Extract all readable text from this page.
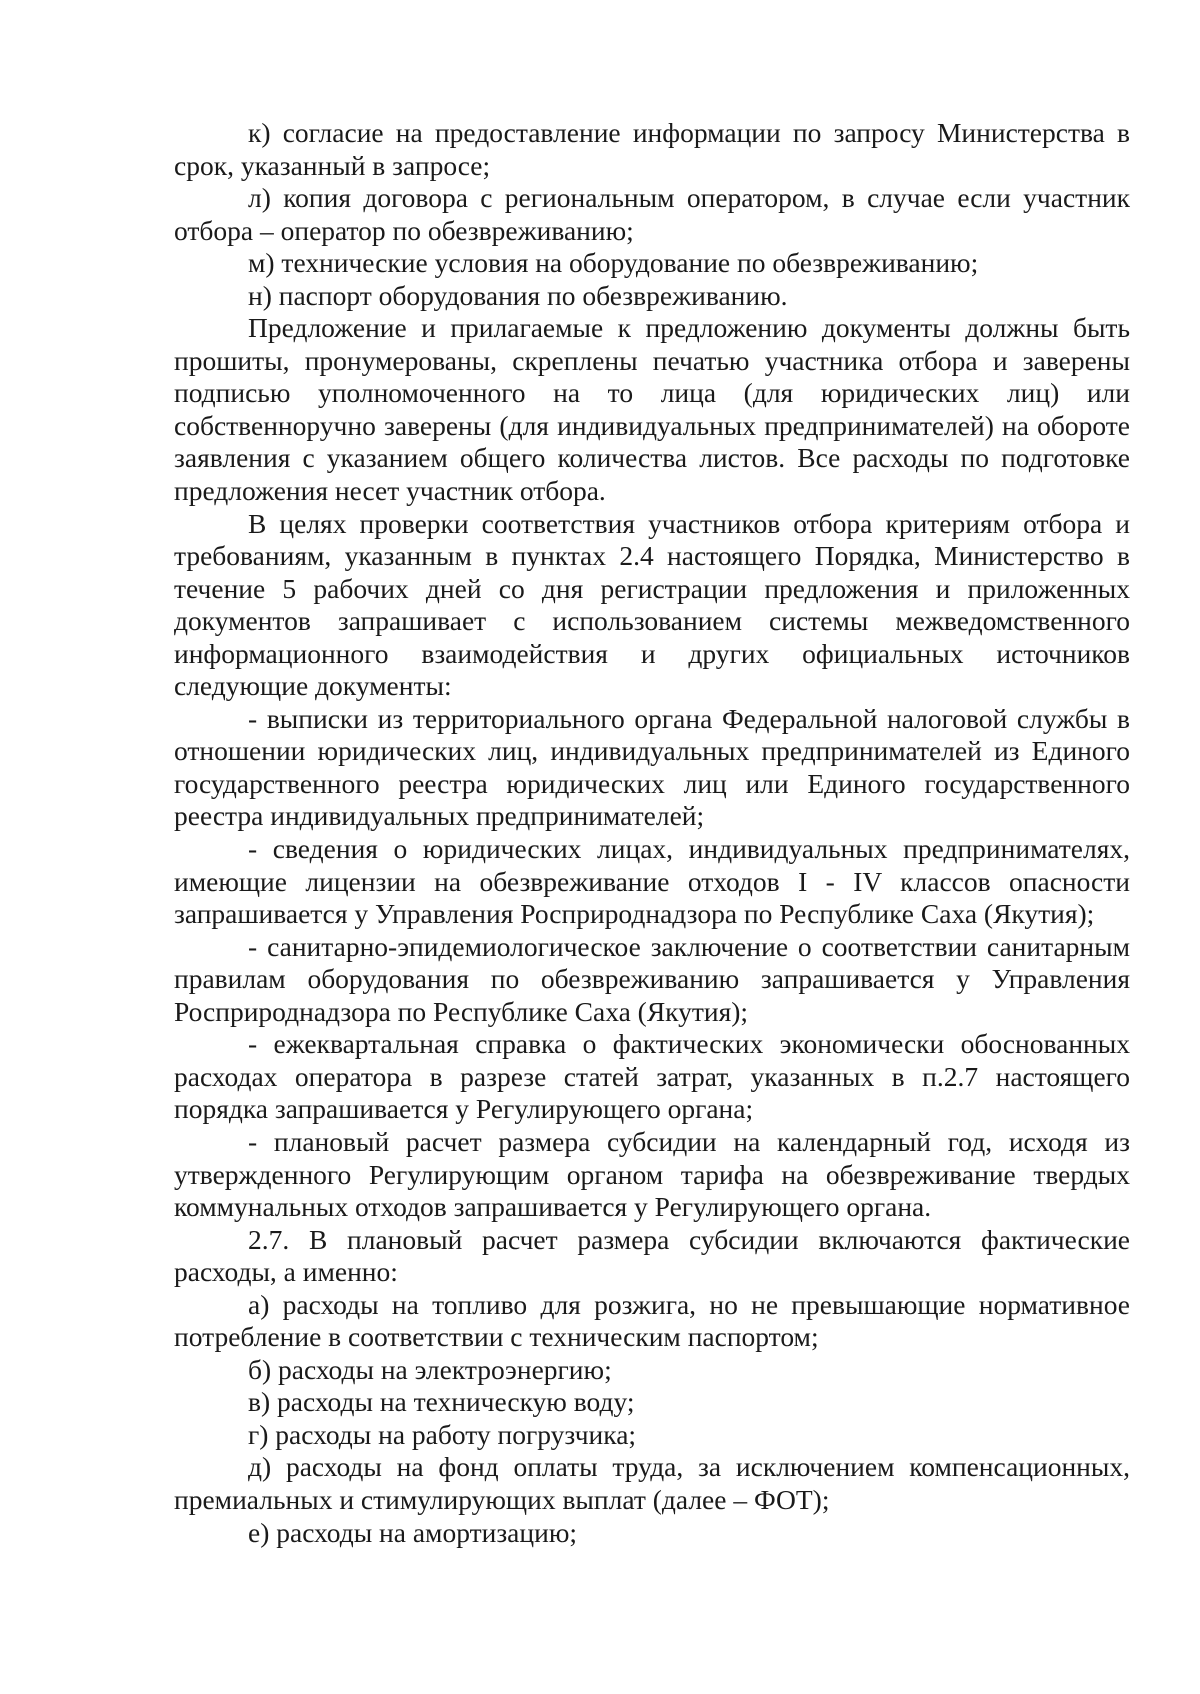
к) согласие на предоставление информации по запросу Министерства в срок, указанный в запросе;

л) копия договора с региональным оператором, в случае если участник отбора – оператор по обезвреживанию;

м) технические условия на оборудование по обезвреживанию;

н) паспорт оборудования по обезвреживанию.

Предложение и прилагаемые к предложению документы должны быть прошиты, пронумерованы, скреплены печатью участника отбора и заверены подписью уполномоченного на то лица (для юридических лиц) или собственноручно заверены (для индивидуальных предпринимателей) на обороте заявления с указанием общего количества листов. Все расходы по подготовке предложения несет участник отбора.

В целях проверки соответствия участников отбора критериям отбора и требованиям, указанным в пунктах 2.4 настоящего Порядка, Министерство в течение 5 рабочих дней со дня регистрации предложения и приложенных документов запрашивает с использованием системы межведомственного информационного взаимодействия и других официальных источников следующие документы:

- выписки из территориального органа Федеральной налоговой службы в отношении юридических лиц, индивидуальных предпринимателей из Единого государственного реестра юридических лиц или Единого государственного реестра индивидуальных предпринимателей;

- сведения о юридических лицах, индивидуальных предпринимателях, имеющие лицензии на обезвреживание отходов I - IV классов опасности запрашивается у Управления Росприроднадзора по Республике Саха (Якутия);

- санитарно-эпидемиологическое заключение о соответствии санитарным правилам оборудования по обезвреживанию запрашивается у Управления Росприроднадзора по Республике Саха (Якутия);

- ежеквартальная справка о фактических экономически обоснованных расходах оператора в разрезе статей затрат, указанных в п.2.7 настоящего порядка запрашивается у Регулирующего органа;

- плановый расчет размера субсидии на календарный год, исходя из утвержденного Регулирующим органом тарифа на обезвреживание твердых коммунальных отходов запрашивается у Регулирующего органа.

2.7. В плановый расчет размера субсидии включаются фактические расходы, а именно:

а) расходы на топливо для розжига, но не превышающие нормативное потребление в соответствии с техническим паспортом;

б) расходы на электроэнергию;

в) расходы на техническую воду;

г) расходы на работу погрузчика;

д) расходы на фонд оплаты труда, за исключением компенсационных, премиальных и стимулирующих выплат (далее – ФОТ);

е) расходы на амортизацию;
